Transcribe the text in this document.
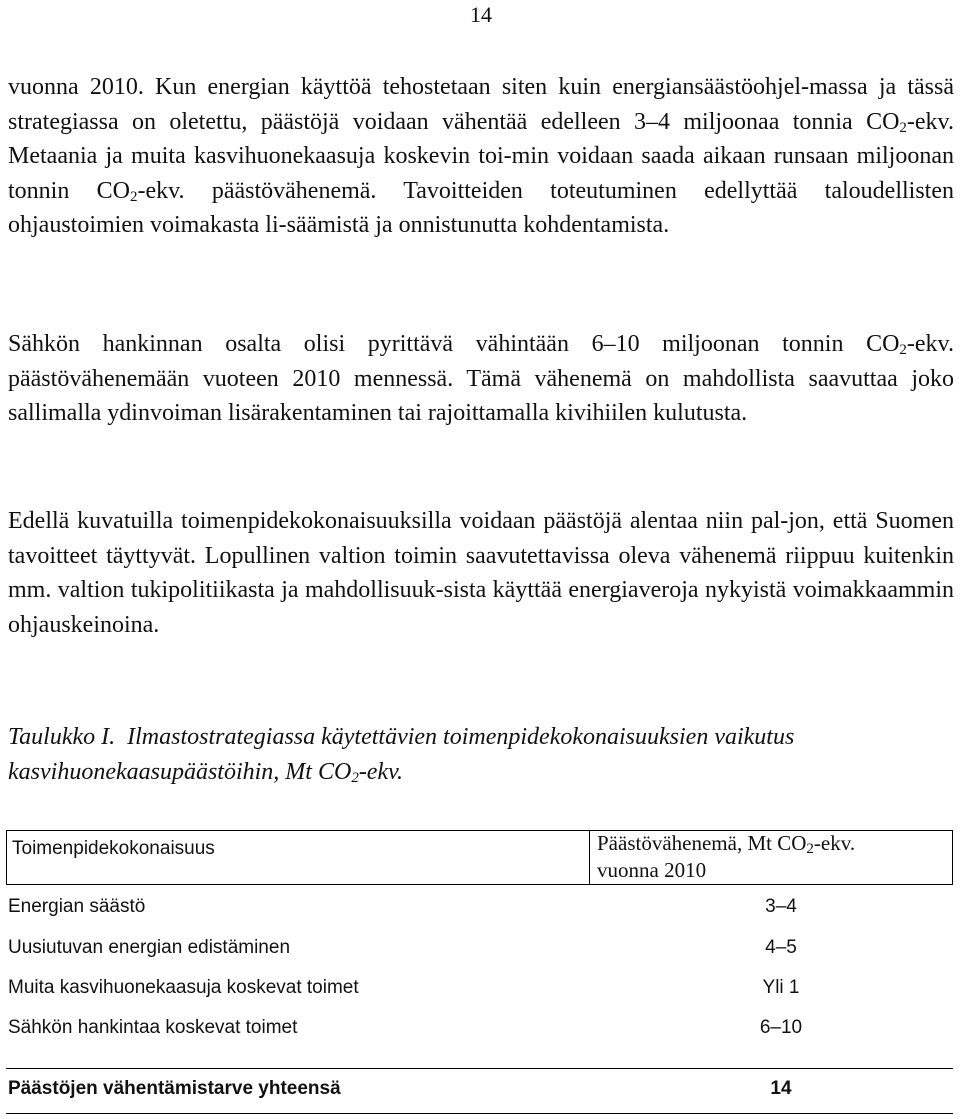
14

vuonna 2010. Kun energian käyttöä tehostetaan siten kuin energiansäästöohjel-massa ja tässä strategiassa on oletettu, päästöjä voidaan vähentää edelleen 3–4 miljoonaa tonnia $CO_2$-ekv. Metaania ja muita kasvihuonekaasuja koskevin toi-min voidaan saada aikaan runsaan miljoonan tonnin $CO_2$-ekv. päästövähenemä. Tavoitteiden toteutuminen edellyttää taloudellisten ohjaustoimien voimakasta li-säämistä ja onnistunutta kohdentamista.

Sähkön hankinnan osalta olisi pyrittävä vähintään 6–10 miljoonan tonnin $CO_2$-ekv. päästövähenemään vuoteen 2010 mennessä. Tämä vähenemä on mahdollista saavuttaa joko sallimalla ydinvoiman lisärakentaminen tai rajoittamalla kivihiilen kulutusta.

Edellä kuvatuilla toimenpidekokonaisuuksilla voidaan päästöjä alentaa niin pal-jon, että Suomen tavoitteet täyttyvät. Lopullinen valtion toimin saavutettavissa oleva vähenemä riippuu kuitenkin mm. valtion tukipolitiikasta ja mahdollisuuk-sista käyttää energiaveroja nykyistä voimakkaammin ohjauskeinoina.

Taulukko I. Ilmastostrategiassa käytettävien toimenpidekokonaisuuksien vaikutus kasvihuonekaasupäästöihin, Mt $CO_2$-ekv.

Toimenpidekokonaisuus	Päästövähenemä, Mt $CO_2$-ekv.
vuonna 2010
Energian säästö	3–4
Uusiutuvan energian edistäminen	4–5
Muita kasvihuonekaasuja koskevat toimet	Yli 1
Sähkön hankintaa koskevat toimet	6–10
Päästöjen vähentämistarve yhteensä	14
